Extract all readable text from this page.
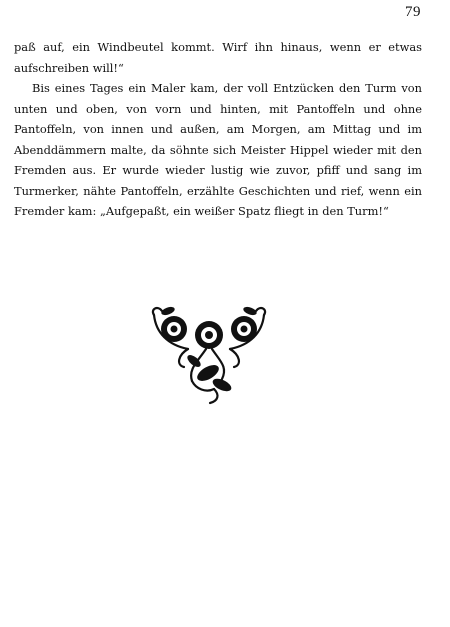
79

paß auf, ein Windbeutel kommt. Wirf ihn hinaus, wenn er etwas aufschreiben will!“

Bis eines Tages ein Maler kam, der voll Entzücken den Turm von unten und oben, von vorn und hinten, mit Pantoffeln und ohne Pantoffeln, von innen und außen, am Morgen, am Mittag und im Abenddämmern malte, da söhnte sich Meister Hippel wieder mit den Fremden aus. Er wurde wieder lustig wie zuvor, pfiff und sang im Turmerker, nähte Pantoffeln, erzählte Geschichten und rief, wenn ein Fremder kam: „Aufgepaßt, ein weißer Spatz fliegt in den Turm!“
